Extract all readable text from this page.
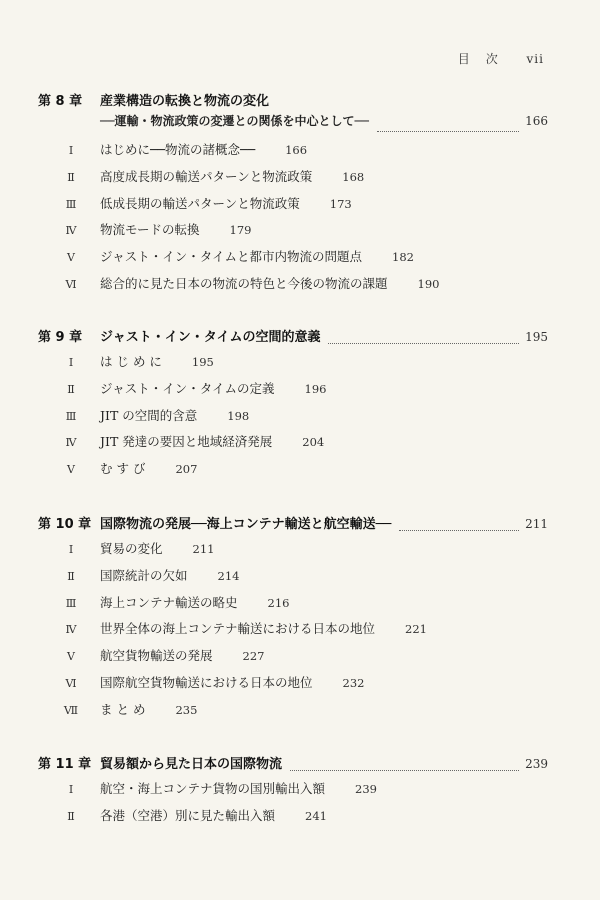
目次 vii
第 8 章	産業構造の転換と物流の変化
──運輸・物流政策の変遷との関係を中心として──	166
Ⅰ	はじめに──物流の諸概念──	166
Ⅱ	高度成長期の輸送パターンと物流政策	168
Ⅲ	低成長期の輸送パターンと物流政策	173
Ⅳ	物流モードの転換	179
Ⅴ	ジャスト・イン・タイムと都市内物流の問題点	182
Ⅵ	総合的に見た日本の物流の特色と今後の物流の課題	190
第 9 章	ジャスト・イン・タイムの空間的意義	195
Ⅰ	は じ め に	195
Ⅱ	ジャスト・イン・タイムの定義	196
Ⅲ	JIT の空間的含意	198
Ⅳ	JIT 発達の要因と地域経済発展	204
Ⅴ	む す び	207
第 10 章 国際物流の発展──海上コンテナ輸送と航空輸送──	211
Ⅰ	貿易の変化	211
Ⅱ	国際統計の欠如	214
Ⅲ	海上コンテナ輸送の略史	216
Ⅳ	世界全体の海上コンテナ輸送における日本の地位	221
Ⅴ	航空貨物輸送の発展	227
Ⅵ	国際航空貨物輸送における日本の地位	232
Ⅶ	ま と め	235
第 11 章 貿易額から見た日本の国際物流	239
Ⅰ	航空・海上コンテナ貨物の国別輸出入額	239
Ⅱ	各港（空港）別に見た輸出入額	241
